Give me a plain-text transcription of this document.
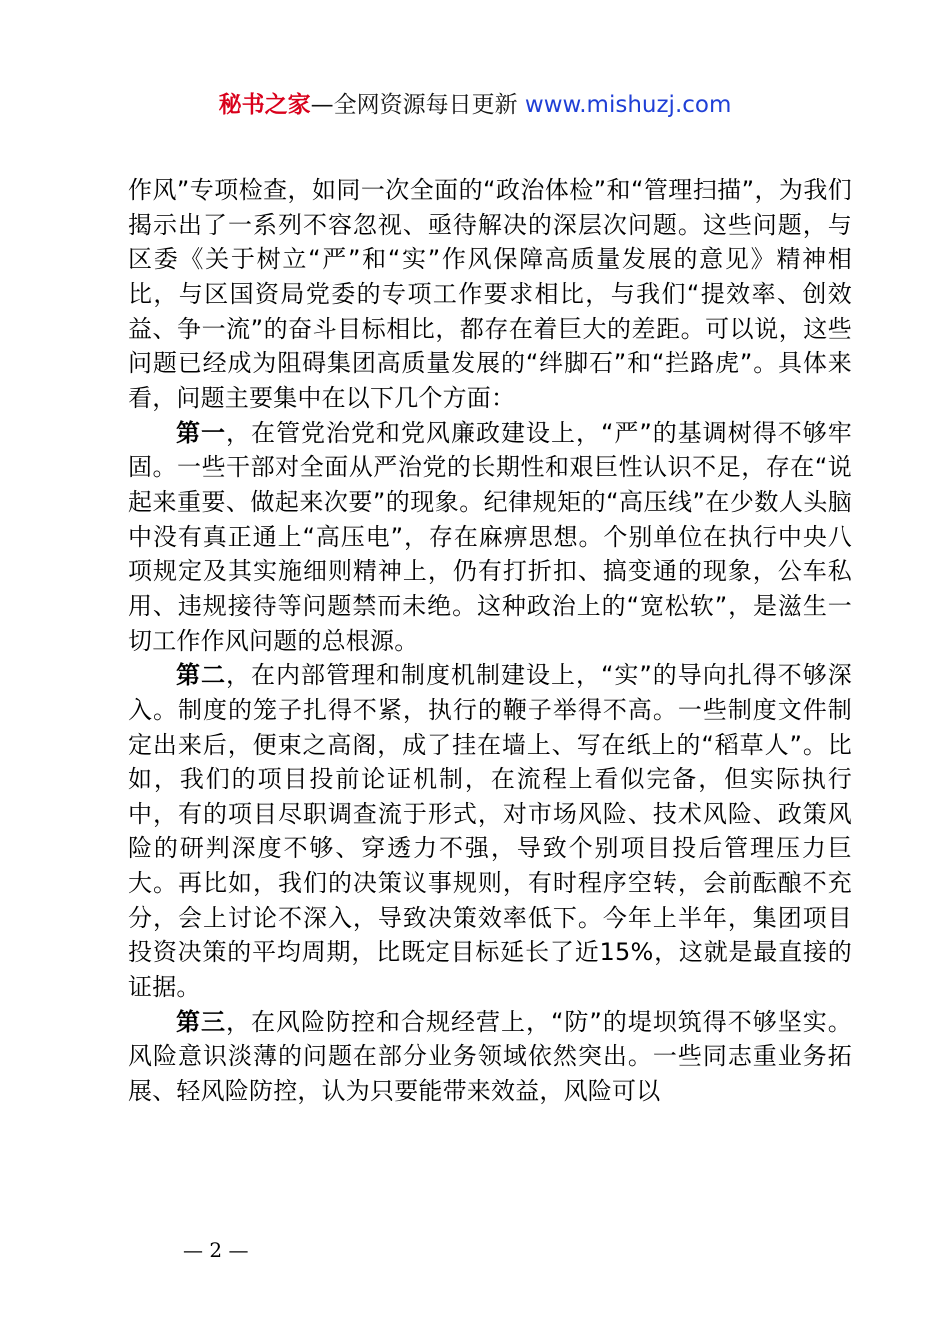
秘书之家—全网资源每日更新 www.mishuzj.com

作风”专项检查，如同一次全面的“政治体检”和“管理扫描”，为我们揭示出了一系列不容忽视、亟待解决的深层次问题。这些问题，与区委《关于树立“严”和“实”作风保障高质量发展的意见》精神相比，与区国资局党委的专项工作要求相比，与我们“提效率、创效益、争一流”的奋斗目标相比，都存在着巨大的差距。可以说，这些问题已经成为阻碍集团高质量发展的“绊脚石”和“拦路虎”。具体来看，问题主要集中在以下几个方面：

第一，在管党治党和党风廉政建设上，“严”的基调树得不够牢固。一些干部对全面从严治党的长期性和艰巨性认识不足，存在“说起来重要、做起来次要”的现象。纪律规矩的“高压线”在少数人头脑中没有真正通上“高压电”，存在麻痹思想。个别单位在执行中央八项规定及其实施细则精神上，仍有打折扣、搞变通的现象，公车私用、违规接待等问题禁而未绝。这种政治上的“宽松软”，是滋生一切工作作风问题的总根源。

第二，在内部管理和制度机制建设上，“实”的导向扎得不够深入。制度的笼子扎得不紧，执行的鞭子举得不高。一些制度文件制定出来后，便束之高阁，成了挂在墙上、写在纸上的“稻草人”。比如，我们的项目投前论证机制，在流程上看似完备，但实际执行中，有的项目尽职调查流于形式，对市场风险、技术风险、政策风险的研判深度不够、穿透力不强，导致个别项目投后管理压力巨大。再比如，我们的决策议事规则，有时程序空转，会前酝酿不充分，会上讨论不深入，导致决策效率低下。今年上半年，集团项目投资决策的平均周期，比既定目标延长了近15%，这就是最直接的证据。

第三，在风险防控和合规经营上，“防”的堤坝筑得不够坚实。风险意识淡薄的问题在部分业务领域依然突出。一些同志重业务拓展、轻风险防控，认为只要能带来效益，风险可以

— 2 —
